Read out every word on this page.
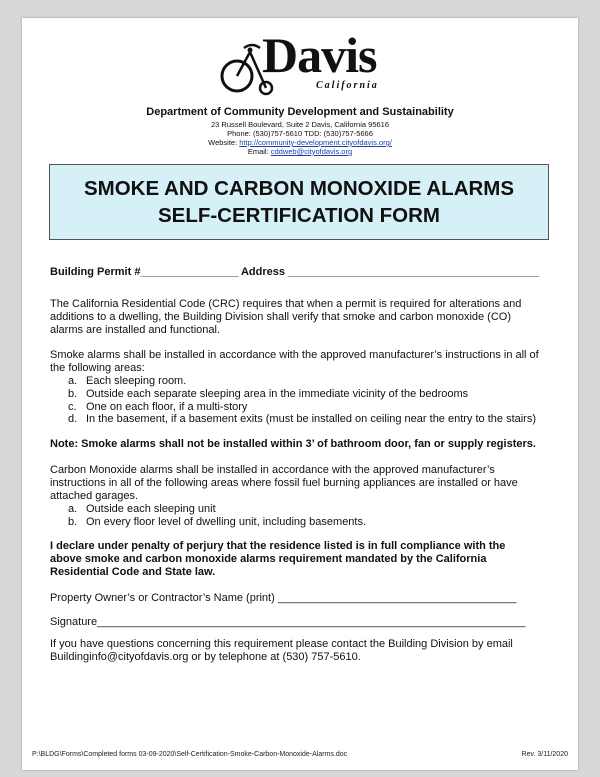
Davis
California
Department of Community Development and Sustainability
23 Russell Boulevard, Suite 2 Davis, California 95616
Phone: (530)757-5610 TDD: (530)757-5666
Website: http://community-development.cityofdavis.org/
Email: cddweb@cityofdavis.org
SMOKE AND CARBON MONOXIDE ALARMS
SELF-CERTIFICATION FORM
Building Permit #________________ Address _________________________________________
The California Residential Code (CRC) requires that when a permit is required for alterations and
additions to a dwelling, the Building Division shall verify that smoke and carbon monoxide (CO)
alarms are installed and functional.
Smoke alarms shall be installed in accordance with the approved manufacturer’s instructions in all of
the following areas:
a. Each sleeping room.
b. Outside each separate sleeping area in the immediate vicinity of the bedrooms
c. One on each floor, if a multi-story
d. In the basement, if a basement exits (must be installed on ceiling near the entry to the stairs)
Note: Smoke alarms shall not be installed within 3’ of bathroom door, fan or supply registers.
Carbon Monoxide alarms shall be installed in accordance with the approved manufacturer’s
instructions in all of the following areas where fossil fuel burning appliances are installed or have
attached garages.
a. Outside each sleeping unit
b. On every floor level of dwelling unit, including basements.
I declare under penalty of perjury that the residence listed is in full compliance with the
above smoke and carbon monoxide alarms requirement mandated by the California
Residential Code and State law.
Property Owner’s or Contractor’s Name (print) _______________________________________
Signature______________________________________________________________________
If you have questions concerning this requirement please contact the Building Division by email
Buildinginfo@cityofdavis.org or by telephone at (530) 757-5610.
P:\BLDG\Forms\Completed forms 03-09-2020\Self-Certification-Smoke-Carbon-Monoxide-Alarms.doc	Rev. 3/11/2020
